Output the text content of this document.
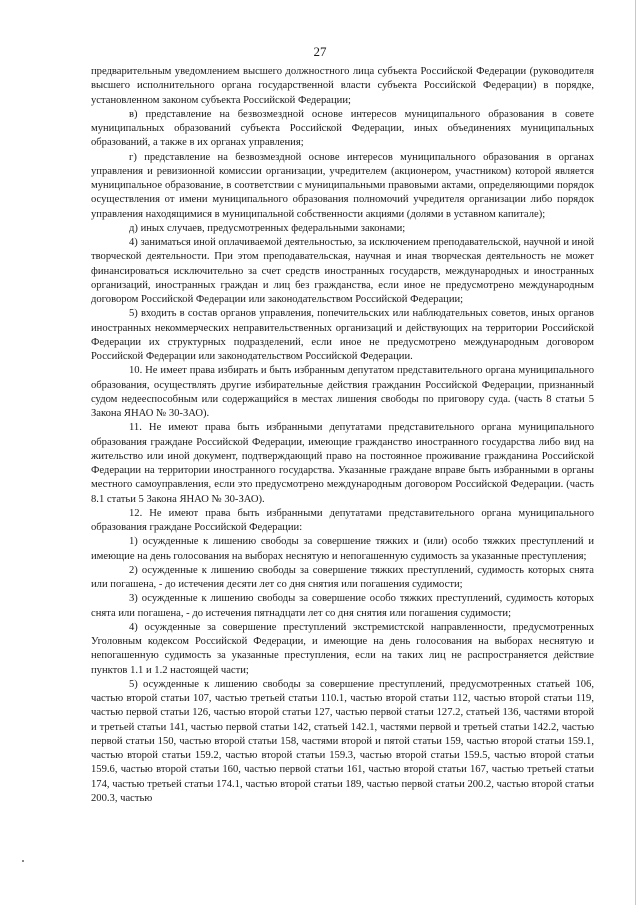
27

предварительным уведомлением высшего должностного лица субъекта Российской Федерации (руководителя высшего исполнительного органа государственной власти субъекта Российской Федерации) в порядке, установленном законом субъекта Российской Федерации;

в) представление на безвозмездной основе интересов муниципального образования в совете муниципальных образований субъекта Российской Федерации, иных объединениях муниципальных образований, а также в их органах управления;

г) представление на безвозмездной основе интересов муниципального образования в органах управления и ревизионной комиссии организации, учредителем (акционером, участником) которой является муниципальное образование, в соответствии с муниципальными правовыми актами, определяющими порядок осуществления от имени муниципального образования полномочий учредителя организации либо порядок управления находящимися в муниципальной собственности акциями (долями в уставном капитале);

д) иных случаев, предусмотренных федеральными законами;

4) заниматься иной оплачиваемой деятельностью, за исключением преподавательской, научной и иной творческой деятельности. При этом преподавательская, научная и иная творческая деятельность не может финансироваться исключительно за счет средств иностранных государств, международных и иностранных организаций, иностранных граждан и лиц без гражданства, если иное не предусмотрено международным договором Российской Федерации или законодательством Российской Федерации;

5) входить в состав органов управления, попечительских или наблюдательных советов, иных органов иностранных некоммерческих неправительственных организаций и действующих на территории Российской Федерации их структурных подразделений, если иное не предусмотрено международным договором Российской Федерации или законодательством Российской Федерации.

10. Не имеет права избирать и быть избранным депутатом представительного органа муниципального образования, осуществлять другие избирательные действия гражданин Российской Федерации, признанный судом недееспособным или содержащийся в местах лишения свободы по приговору суда. (часть 8 статьи 5 Закона ЯНАО № 30-ЗАО).

11. Не имеют права быть избранными депутатами представительного органа муниципального образования граждане Российской Федерации, имеющие гражданство иностранного государства либо вид на жительство или иной документ, подтверждающий право на постоянное проживание гражданина Российской Федерации на территории иностранного государства. Указанные граждане вправе быть избранными в органы местного самоуправления, если это предусмотрено международным договором Российской Федерации. (часть 8.1 статьи 5 Закона ЯНАО № 30-ЗАО).

12. Не имеют права быть избранными депутатами представительного органа муниципального образования граждане Российской Федерации:

1) осужденные к лишению свободы за совершение тяжких и (или) особо тяжких преступлений и имеющие на день голосования на выборах неснятую и непогашенную судимость за указанные преступления;

2) осужденные к лишению свободы за совершение тяжких преступлений, судимость которых снята или погашена, - до истечения десяти лет со дня снятия или погашения судимости;

3) осужденные к лишению свободы за совершение особо тяжких преступлений, судимость которых снята или погашена, - до истечения пятнадцати лет со дня снятия или погашения судимости;

4) осужденные за совершение преступлений экстремистской направленности, предусмотренных Уголовным кодексом Российской Федерации, и имеющие на день голосования на выборах неснятую и непогашенную судимость за указанные преступления, если на таких лиц не распространяется действие пунктов 1.1 и 1.2 настоящей части;

5) осужденные к лишению свободы за совершение преступлений, предусмотренных статьей 106, частью второй статьи 107, частью третьей статьи 110.1, частью второй статьи 112, частью второй статьи 119, частью первой статьи 126, частью второй статьи 127, частью первой статьи 127.2, статьей 136, частями второй и третьей статьи 141, частью первой статьи 142, статьей 142.1, частями первой и третьей статьи 142.2, частью первой статьи 150, частью второй статьи 158, частями второй и пятой статьи 159, частью второй статьи 159.1, частью второй статьи 159.2, частью второй статьи 159.3, частью второй статьи 159.5, частью второй статьи 159.6, частью второй статьи 160, частью первой статьи 161, частью второй статьи 167, частью третьей статьи 174, частью третьей статьи 174.1, частью второй статьи 189, частью первой статьи 200.2, частью второй статьи 200.3, частью
